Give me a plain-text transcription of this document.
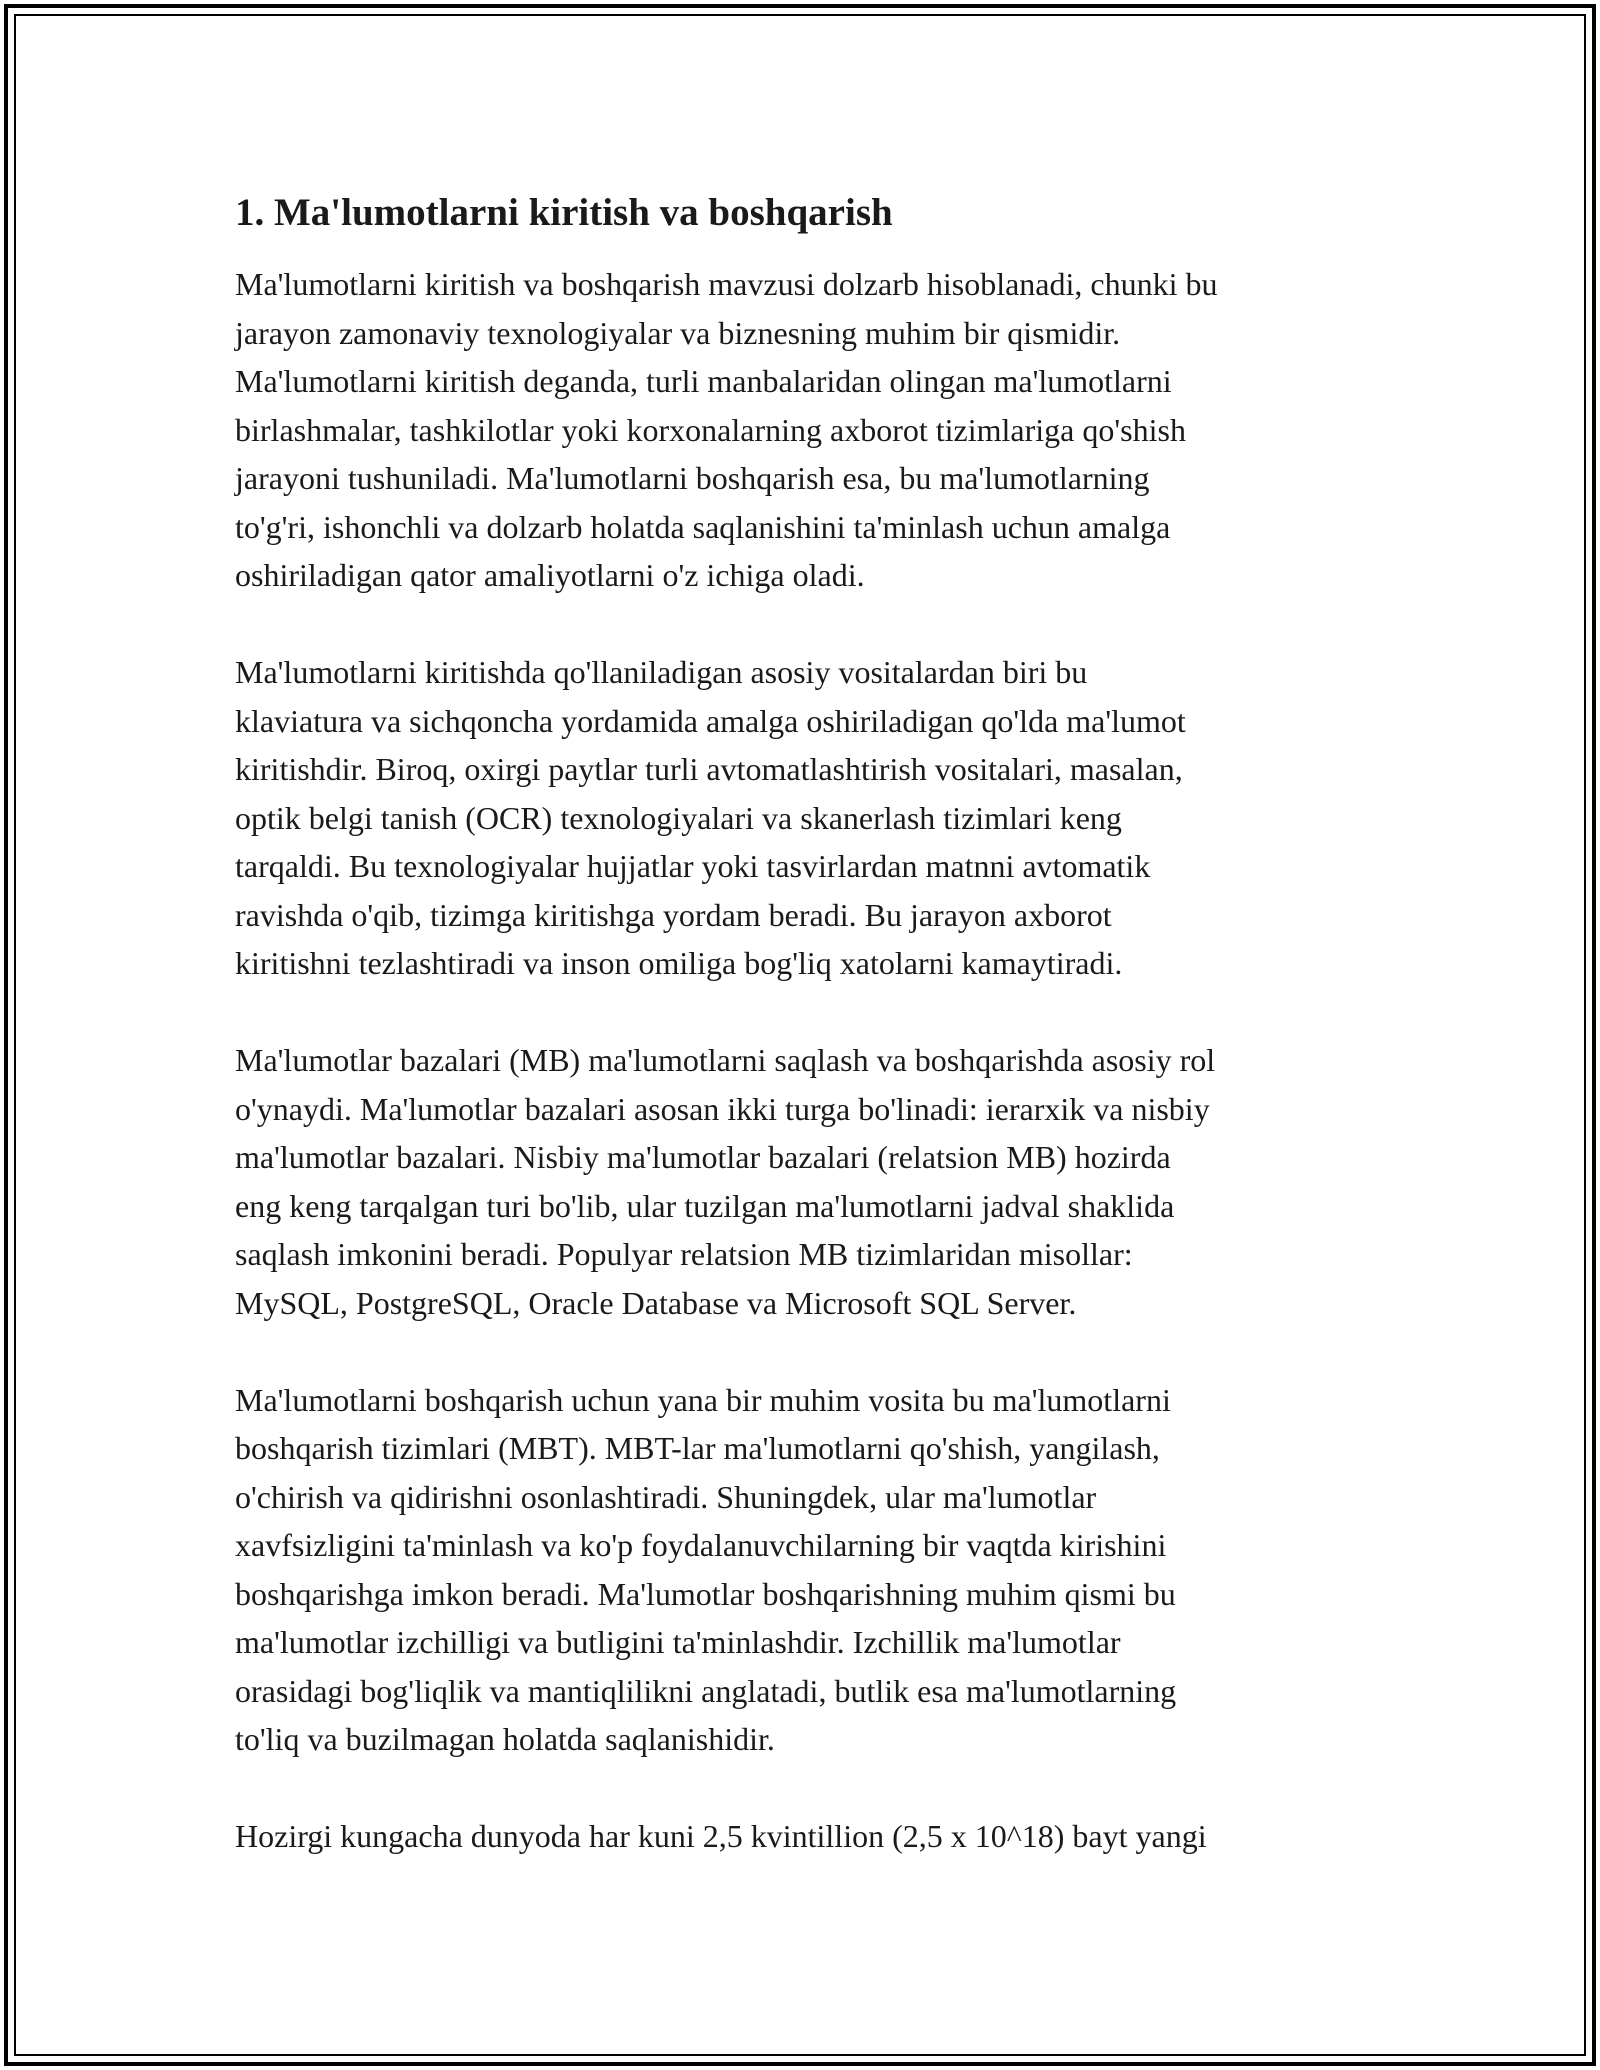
1. Ma'lumotlarni kiritish va boshqarish

Ma'lumotlarni kiritish va boshqarish mavzusi dolzarb hisoblanadi, chunki bu
jarayon zamonaviy texnologiyalar va biznesning muhim bir qismidir.
Ma'lumotlarni kiritish deganda, turli manbalaridan olingan ma'lumotlarni
birlashmalar, tashkilotlar yoki korxonalarning axborot tizimlariga qo'shish
jarayoni tushuniladi. Ma'lumotlarni boshqarish esa, bu ma'lumotlarning
to'g'ri, ishonchli va dolzarb holatda saqlanishini ta'minlash uchun amalga
oshiriladigan qator amaliyotlarni o'z ichiga oladi.

Ma'lumotlarni kiritishda qo'llaniladigan asosiy vositalardan biri bu
klaviatura va sichqoncha yordamida amalga oshiriladigan qo'lda ma'lumot
kiritishdir. Biroq, oxirgi paytlar turli avtomatlashtirish vositalari, masalan,
optik belgi tanish (OCR) texnologiyalari va skanerlash tizimlari keng
tarqaldi. Bu texnologiyalar hujjatlar yoki tasvirlardan matnni avtomatik
ravishda o'qib, tizimga kiritishga yordam beradi. Bu jarayon axborot
kiritishni tezlashtiradi va inson omiliga bog'liq xatolarni kamaytiradi.

Ma'lumotlar bazalari (MB) ma'lumotlarni saqlash va boshqarishda asosiy rol
o'ynaydi. Ma'lumotlar bazalari asosan ikki turga bo'linadi: ierarxik va nisbiy
ma'lumotlar bazalari. Nisbiy ma'lumotlar bazalari (relatsion MB) hozirda
eng keng tarqalgan turi bo'lib, ular tuzilgan ma'lumotlarni jadval shaklida
saqlash imkonini beradi. Populyar relatsion MB tizimlaridan misollar:
MySQL, PostgreSQL, Oracle Database va Microsoft SQL Server.

Ma'lumotlarni boshqarish uchun yana bir muhim vosita bu ma'lumotlarni
boshqarish tizimlari (MBT). MBT-lar ma'lumotlarni qo'shish, yangilash,
o'chirish va qidirishni osonlashtiradi. Shuningdek, ular ma'lumotlar
xavfsizligini ta'minlash va ko'p foydalanuvchilarning bir vaqtda kirishini
boshqarishga imkon beradi. Ma'lumotlar boshqarishning muhim qismi bu
ma'lumotlar izchilligi va butligini ta'minlashdir. Izchillik ma'lumotlar
orasidagi bog'liqlik va mantiqlilikni anglatadi, butlik esa ma'lumotlarning
to'liq va buzilmagan holatda saqlanishidir.

Hozirgi kungacha dunyoda har kuni 2,5 kvintillion (2,5 x 10^18) bayt yangi
